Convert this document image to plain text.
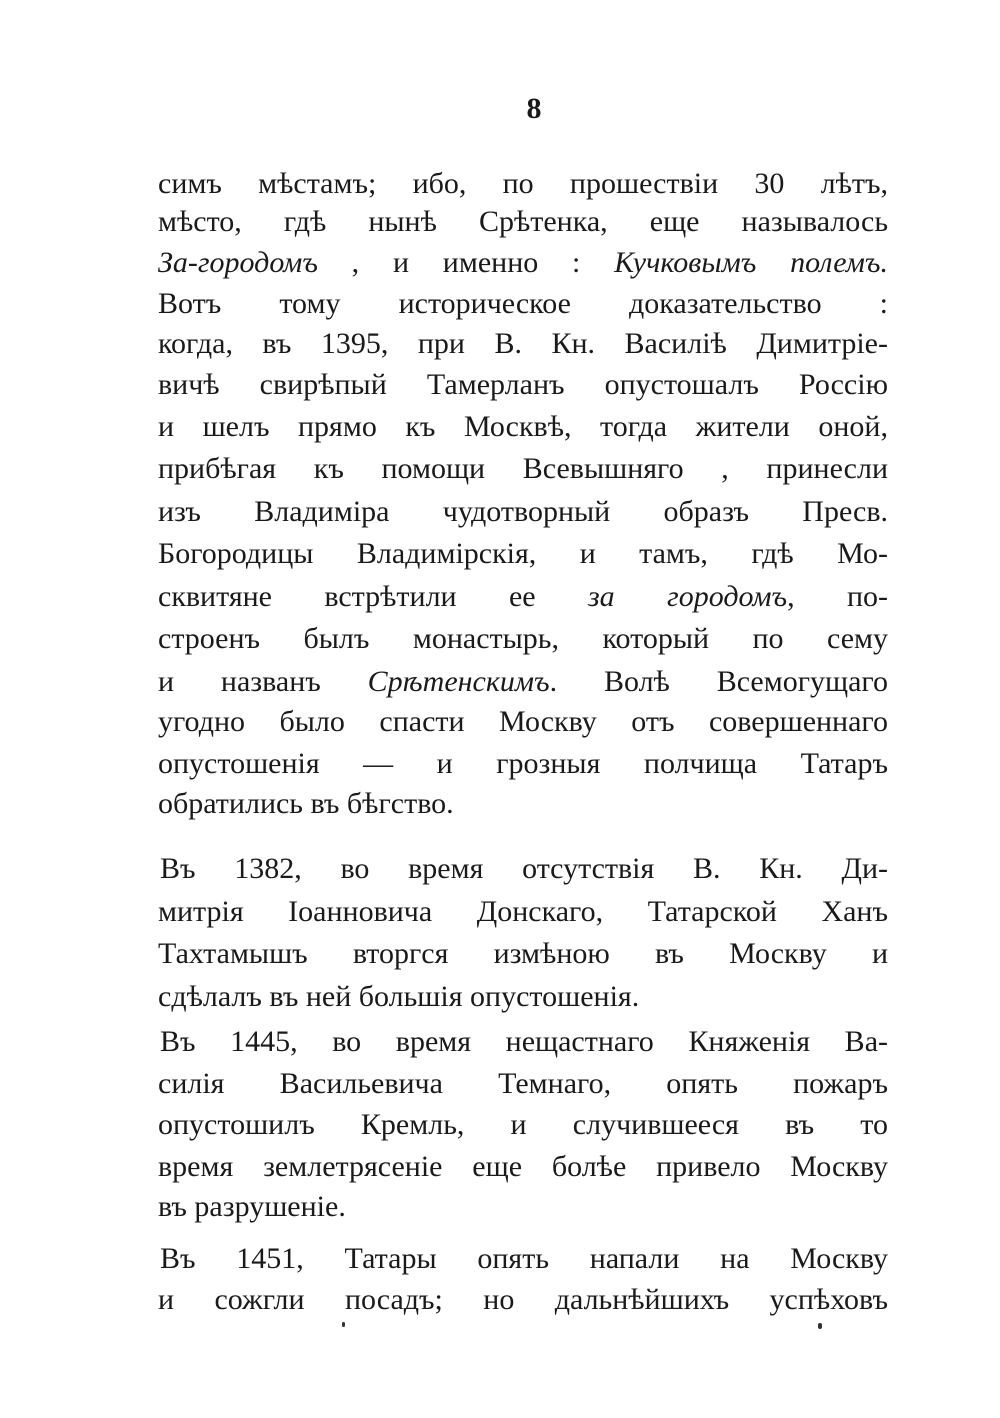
8
симъ мѣстамъ; ибо, по прошествіи 30 лѣтъ,
мѣсто, гдѣ нынѣ Срѣтенка, еще называлось
За-городомъ , и именно : Кучковымъ полемъ.
Вотъ тому историческое доказательство :
когда, въ 1395, при В. Кн. Василіѣ Димитріе-
вичѣ свирѣпый Тамерланъ опустошалъ Россію
и шелъ прямо къ Москвѣ, тогда жители оной,
прибѣгая къ помощи Всевышняго , принесли
изъ Владиміра чудотворный образъ Пресв.
Богородицы Владимірскія, и тамъ, гдѣ Мо-
сквитяне встрѣтили ее за городомъ, по-
строенъ былъ монастырь, который по сему
и названъ Срѣтенскимъ. Волѣ Всемогущаго
угодно было спасти Москву отъ совершеннаго
опустошенія — и грозныя полчища Татаръ
обратились въ бѣгство.
Въ 1382, во время отсутствія В. Кн. Ди-
митрія Іоанновича Донскаго, Татарской Ханъ
Тахтамышъ вторгся измѣною въ Москву и
сдѣлалъ въ ней большія опустошенія.
Въ 1445, во время нещастнаго Княженія Ва-
силія Васильевича Темнаго, опять пожаръ
опустошилъ Кремль, и случившееся въ то
время землетрясеніе еще болѣе привело Москву
въ разрушеніе.
Въ 1451, Татары опять напали на Москву
и сожгли посадъ; но дальнѣйшихъ успѣховъ
